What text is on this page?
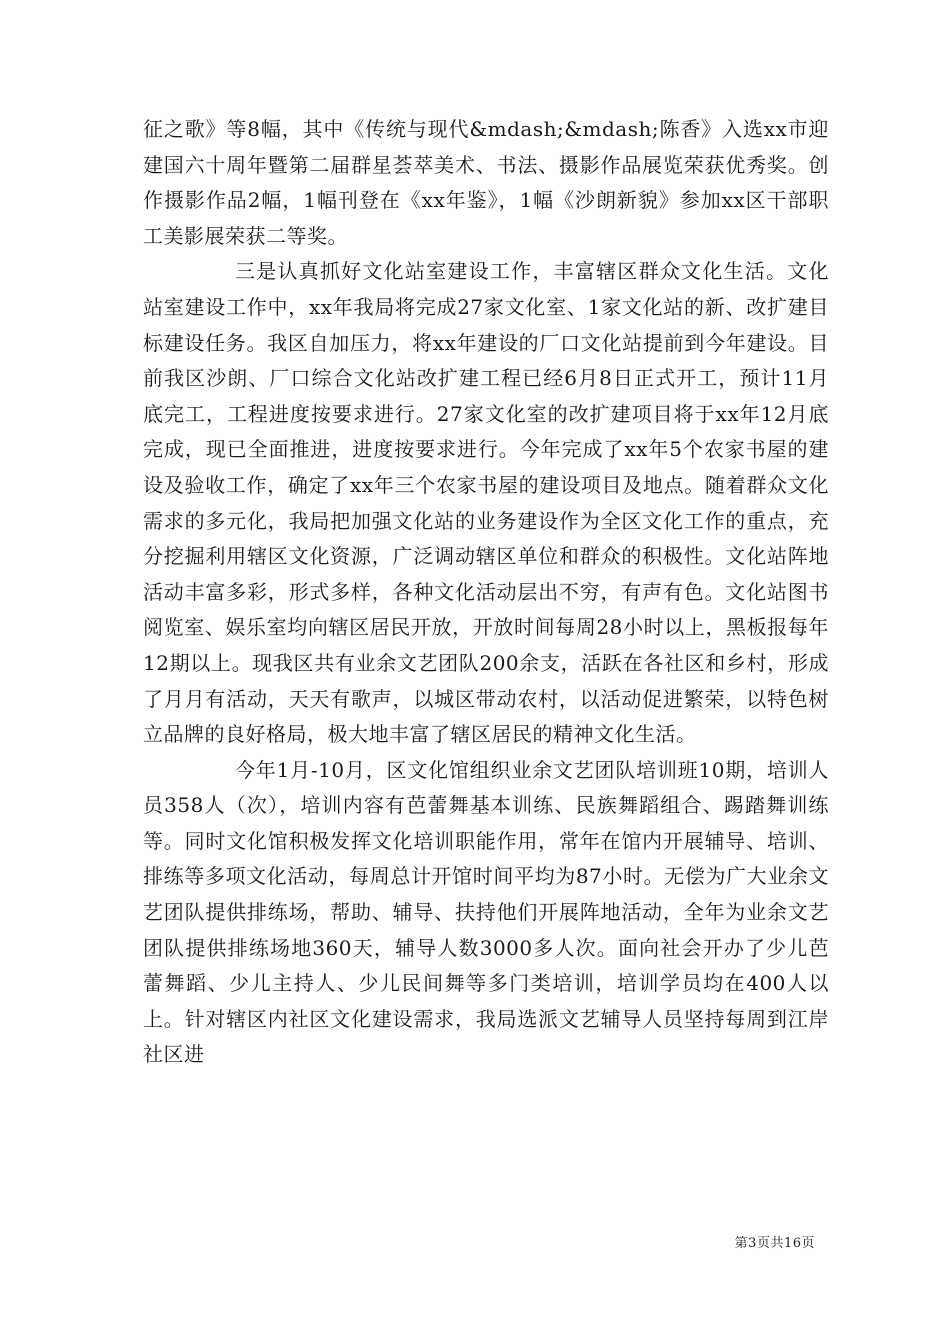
征之歌》等8幅，其中《传统与现代&mdash;&mdash;陈香》入选xx市迎建国六十周年暨第二届群星荟萃美术、书法、摄影作品展览荣获优秀奖。创作摄影作品2幅，1幅刊登在《xx年鉴》，1幅《沙朗新貌》参加xx区干部职工美影展荣获二等奖。

三是认真抓好文化站室建设工作，丰富辖区群众文化生活。文化站室建设工作中，xx年我局将完成27家文化室、1家文化站的新、改扩建目标建设任务。我区自加压力，将xx年建设的厂口文化站提前到今年建设。目前我区沙朗、厂口综合文化站改扩建工程已经6月8日正式开工，预计11月底完工，工程进度按要求进行。27家文化室的改扩建项目将于xx年12月底完成，现已全面推进，进度按要求进行。今年完成了xx年5个农家书屋的建设及验收工作，确定了xx年三个农家书屋的建设项目及地点。随着群众文化需求的多元化，我局把加强文化站的业务建设作为全区文化工作的重点，充分挖掘利用辖区文化资源，广泛调动辖区单位和群众的积极性。文化站阵地活动丰富多彩，形式多样，各种文化活动层出不穷，有声有色。文化站图书阅览室、娱乐室均向辖区居民开放，开放时间每周28小时以上，黑板报每年12期以上。现我区共有业余文艺团队200余支，活跃在各社区和乡村，形成了月月有活动，天天有歌声，以城区带动农村，以活动促进繁荣，以特色树立品牌的良好格局，极大地丰富了辖区居民的精神文化生活。

今年1月-10月，区文化馆组织业余文艺团队培训班10期，培训人员358人（次），培训内容有芭蕾舞基本训练、民族舞蹈组合、踢踏舞训练等。同时文化馆积极发挥文化培训职能作用，常年在馆内开展辅导、培训、排练等多项文化活动，每周总计开馆时间平均为87小时。无偿为广大业余文艺团队提供排练场，帮助、辅导、扶持他们开展阵地活动，全年为业余文艺团队提供排练场地360天，辅导人数3000多人次。面向社会开办了少儿芭蕾舞蹈、少儿主持人、少儿民间舞等多门类培训，培训学员均在400人以上。针对辖区内社区文化建设需求，我局选派文艺辅导人员坚持每周到江岸社区进

第3页共16页
